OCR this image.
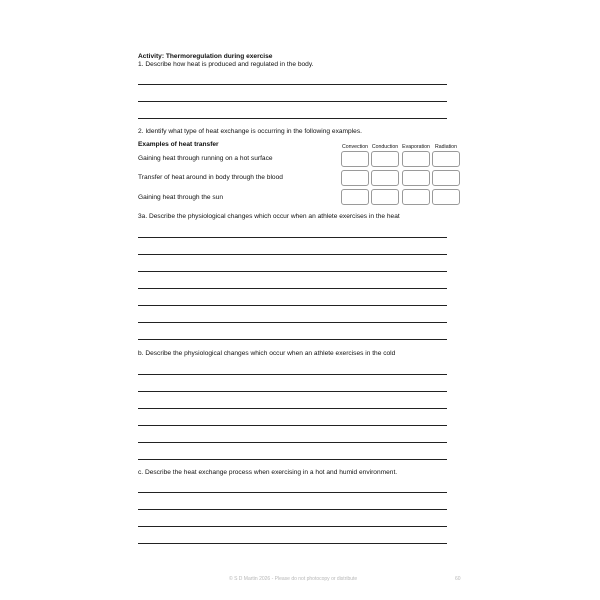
Activity: Thermoregulation during exercise
1. Describe how heat is produced and regulated in the body.
2. Identify what type of heat exchange is occurring in the following examples.
Examples of heat transfer	Convection Conduction Evaporation Radiation
Gaining heat through running on a hot surface
Transfer of heat around in body through the blood
Gaining heat through the sun
3a. Describe the physiological changes which occur when an athlete exercises in the heat
b. Describe the physiological changes which occur when an athlete exercises in the cold
c. Describe the heat exchange process when exercising in a hot and humid environment.
© S D Martin 2026 - Please do not photocopy or distribute	60
